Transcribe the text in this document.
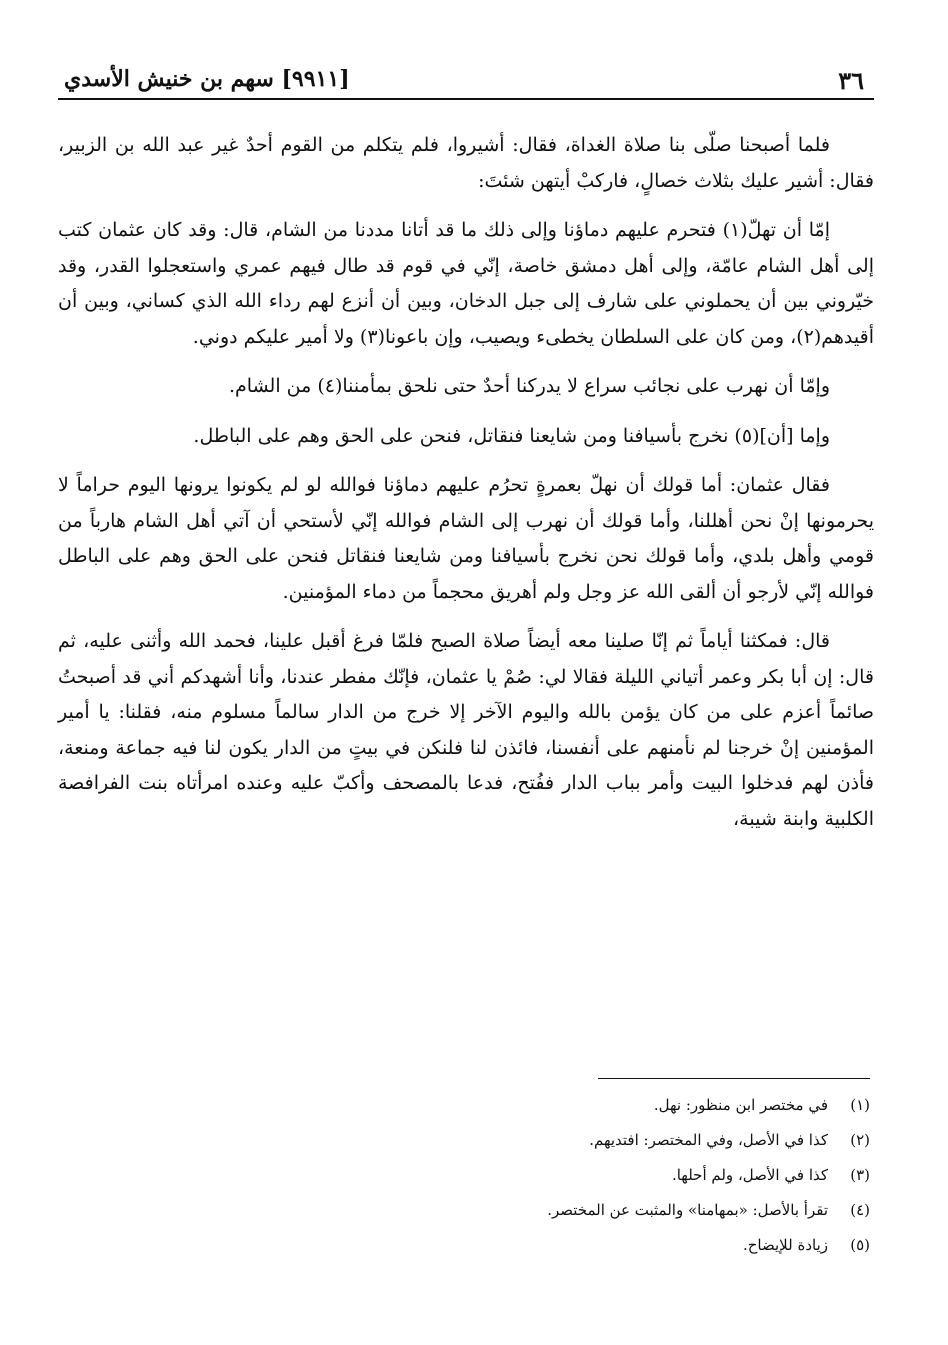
٣٦
[٩٩١١] سهم بن خنيش الأسدي

فلما أصبحنا صلّى بنا صلاة الغداة، فقال: أشيروا، فلم يتكلم من القوم أحدٌ غير عبد الله بن الزبير، فقال: أشير عليك بثلاث خصالٍ، فاركبْ أيتهن شئتَ:

إمّا أن تهلّ(١) فتحرم عليهم دماؤنا وإلى ذلك ما قد أتانا مددنا من الشام، قال: وقد كان عثمان كتب إلى أهل الشام عامّة، وإلى أهل دمشق خاصة، إنّي في قوم قد طال فيهم عمري واستعجلوا القدر، وقد خيّروني بين أن يحملوني على شارف إلى جبل الدخان، وبين أن أنزع لهم رداء الله الذي كساني، وبين أن أقيدهم(٢)، ومن كان على السلطان يخطىء ويصيب، وإن باعونا(٣) ولا أمير عليكم دوني.

وإمّا أن نهرب على نجائب سراع لا يدركنا أحدٌ حتى نلحق بمأمننا(٤) من الشام.

وإما [أن](٥) نخرج بأسيافنا ومن شايعنا فنقاتل، فنحن على الحق وهم على الباطل.

فقال عثمان: أما قولك أن نهلّ بعمرةٍ تحرُم عليهم دماؤنا فوالله لو لم يكونوا يرونها اليوم حراماً لا يحرمونها إنْ نحن أهللنا، وأما قولك أن نهرب إلى الشام فوالله إنّي لأستحي أن آتي أهل الشام هارباً من قومي وأهل بلدي، وأما قولك نحن نخرج بأسيافنا ومن شايعنا فنقاتل فنحن على الحق وهم على الباطل فوالله إنّي لأرجو أن ألقى الله عز وجل ولم أهريق محجماً من دماء المؤمنين.

قال: فمكثنا أياماً ثم إنّا صلينا معه أيضاً صلاة الصبح فلمّا فرغ أقبل علينا، فحمد الله وأثنى عليه، ثم قال: إن أبا بكر وعمر أتياني الليلة فقالا لي: صُمْ يا عثمان، فإنّك مفطر عندنا، وأنا أشهدكم أني قد أصبحتُ صائماً أعزم على من كان يؤمن بالله واليوم الآخر إلا خرج من الدار سالماً مسلوم منه، فقلنا: يا أمير المؤمنين إنْ خرجنا لم نأمنهم على أنفسنا، فائذن لنا فلنكن في بيتٍ من الدار يكون لنا فيه جماعة ومنعة، فأذن لهم فدخلوا البيت وأمر بباب الدار ففُتح، فدعا بالمصحف وأكبّ عليه وعنده امرأتاه بنت الفرافصة الكلبية وابنة شيبة،

(١)
في مختصر ابن منظور: نهل.
(٢)
كذا في الأصل، وفي المختصر: افتديهم.
(٣)
كذا في الأصل، ولم أحلها.
(٤)
تقرأ بالأصل: «بمهامنا» والمثبت عن المختصر.
(٥)
زيادة للإيضاح.
